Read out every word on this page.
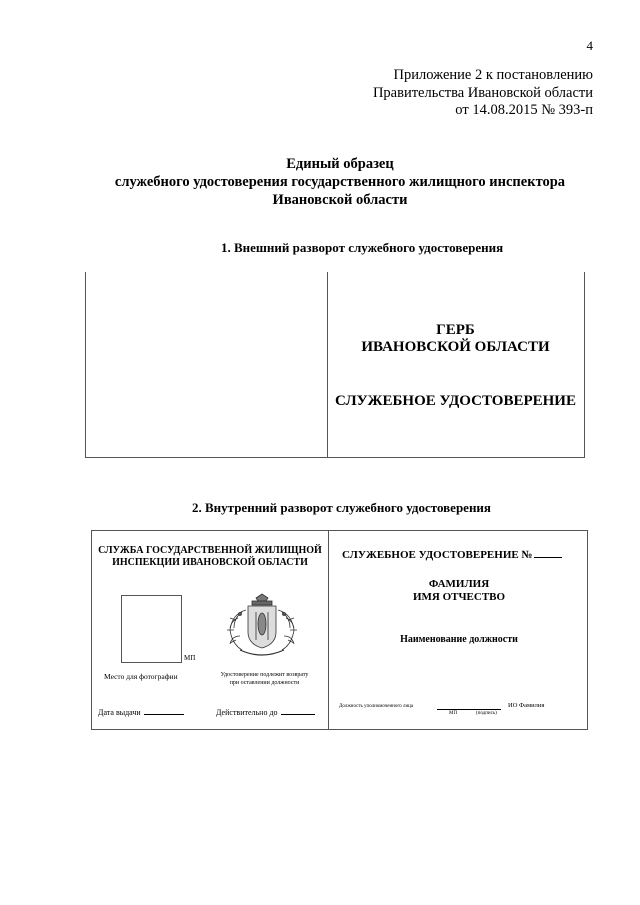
4
Приложение 2 к постановлению
Правительства Ивановской области
от 14.08.2015 № 393-п
Единый образец
служебного удостоверения государственного жилищного инспектора
Ивановской области
1. Внешний разворот служебного удостоверения
ГЕРБ
ИВАНОВСКОЙ ОБЛАСТИ
СЛУЖЕБНОЕ УДОСТОВЕРЕНИЕ
2. Внутренний разворот служебного удостоверения
СЛУЖБА ГОСУДАРСТВЕННОЙ ЖИЛИЩНОЙ
ИНСПЕКЦИИ ИВАНОВСКОЙ ОБЛАСТИ
МП
Место для фотографии	Удостоверение подлежит возврату
при оставлении должности
Дата выдачи	Действительно до
СЛУЖЕБНОЕ УДОСТОВЕРЕНИЕ №
ФАМИЛИЯ
ИМЯ ОТЧЕСТВО
Наименование должности
Должность уполномоченного лица	ИО Фамилия
МП	(подпись)
